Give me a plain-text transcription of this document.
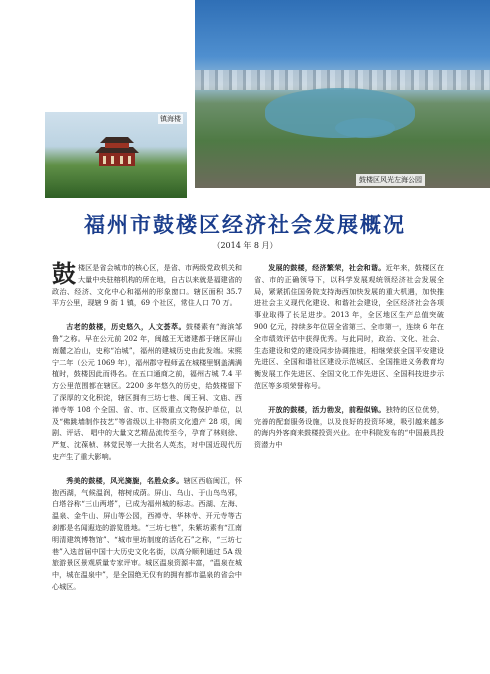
镇海楼
鼓楼区风光左海公园
福州市鼓楼区经济社会发展概况
（2014 年 8 月）

鼓楼区是省会城市的核心区，是省、市两级党政机关和大量中央驻榕机构的所在地，自古以来就是福建省的政治、经济、文化中心和福州的形象窗口。辖区面积 35.7 平方公里，现辖 9 街 1 镇，69 个社区，常住人口 70 万。

古老的鼓楼，历史悠久，人文荟萃。鼓楼素有“海滨邹鲁”之称。早在公元前 202 年，闽越王无诸建都于辖区屏山南麓之冶山，史称“冶城”，福州的建城历史由此发端。宋熙宁二年（公元 1069 年），福州郡守程师孟在城楼里钢盖满满植时，鼓楼因此而得名。在五口通商之前，福州古城 7.4 平方公里范围都在辖区。2200 多年悠久的历史，给鼓楼留下了深厚的文化积淀，辖区拥有三坊七巷、闽王祠、文庙、西禅寺等 108 个全国、省、市、区级重点文物保护单位，以及“佛跳墙制作技艺”等省级以上非物质文化遗产 28 项，闽剧、评话、 唱中的大量文艺精品流传至今，孕育了林则徐、严复、沈葆桢、林觉民等一大批名人英杰，对中国近现代历史产生了重大影响。

秀美的鼓楼，风光旖旎，名胜众多。辖区西临闽江，怀抱西湖，气候温润，榕树成荫。屏山、乌山、于山鸟鸟邪，白塔谷称“三山两塔”，已成为福州城的标志。西湖、左海、温泉、金牛山、屏山等公园，西禅寺、华林寺、开元寺等古刹都是名闻遐迩的游览胜地。“三坊七巷”，朱紫坊素有“江南明清建筑博物馆”、“城市里坊制度的活化石”之称，“三坊七巷”入选首届中国十大历史文化名街，以高分顺利通过 5A 级旅游景区景观质量专家评审。城区温泉资源丰富，“温泉在城中，城在温泉中”，是全国绝无仅有的拥有都市温泉的省会中心城区。

发展的鼓楼，经济繁荣，社会和谐。近年来，鼓楼区在省、市的正确领导下，以科学发展观统领经济社会发展全局，紧紧抓住国务院支持海西加快发展的重大机遇，加快推进社会主义现代化建设、和谐社会建设，全区经济社会各项事业取得了长足进步。2013 年，全区地区生产总值突破 900 亿元，持续多年位居全省第三、全市第一，连续 6 年在全市绩效评估中获得优秀。与此同时，政治、文化、社会、生态建设和党的建设同步协调推进，相继荣获全国平安建设先进区、全国和谐社区建设示范城区、全国推进义务教育均衡发展工作先进区、全国文化工作先进区、全国科技进步示范区等多项荣誉称号。

开放的鼓楼，活力勃发，前程似锦。独特的区位优势，完善的配套服务设施，以及良好的投资环境，吸引越来越多的海内外客商来鼓楼投资兴业。在中科院发布的“中国最具投资潜力中
